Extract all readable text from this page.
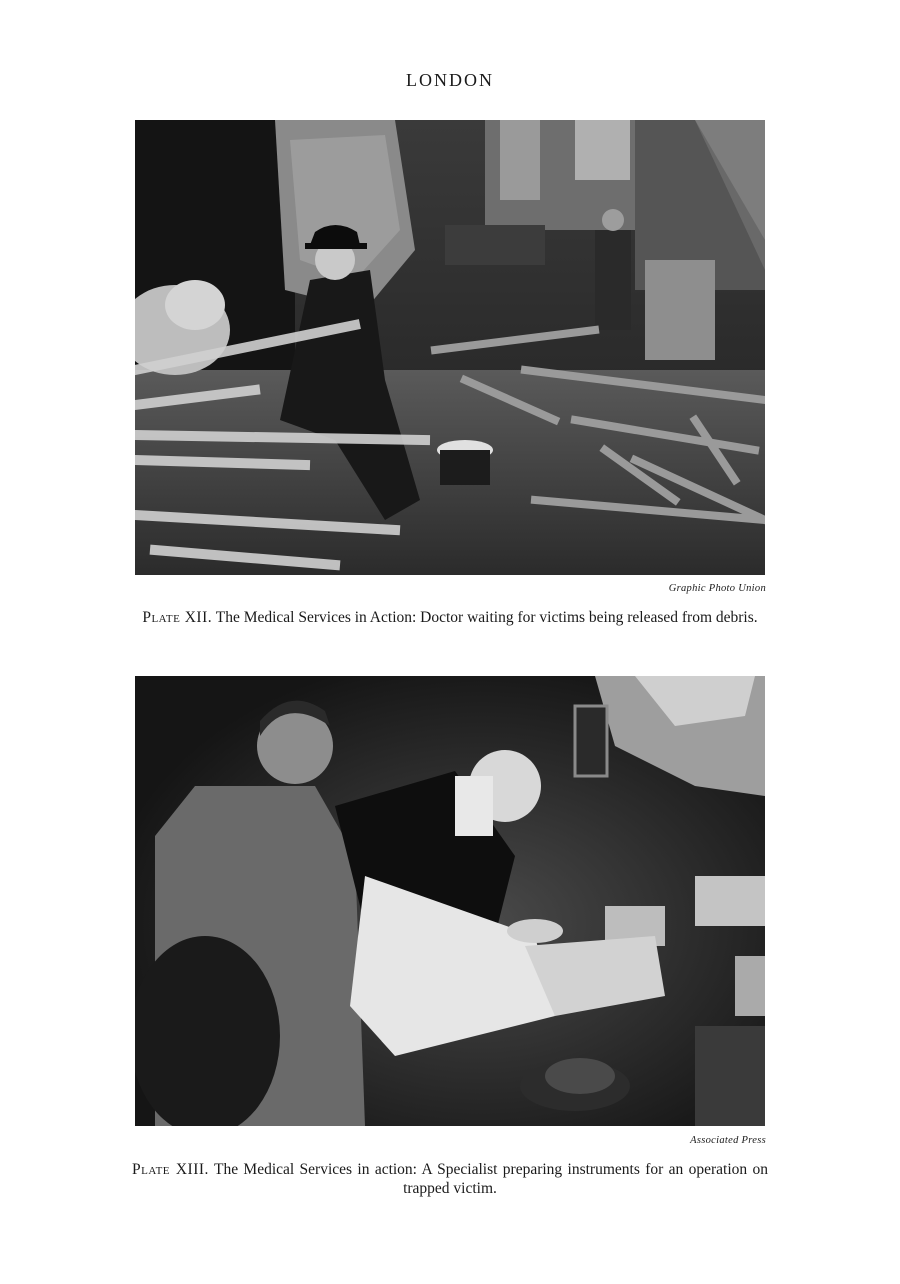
LONDON
Graphic Photo Union
Plate XII. The Medical Services in Action: Doctor waiting for victims being released from debris.
Associated Press
Plate XIII. The Medical Services in action: A Specialist preparing instruments for an operation on trapped victim.
